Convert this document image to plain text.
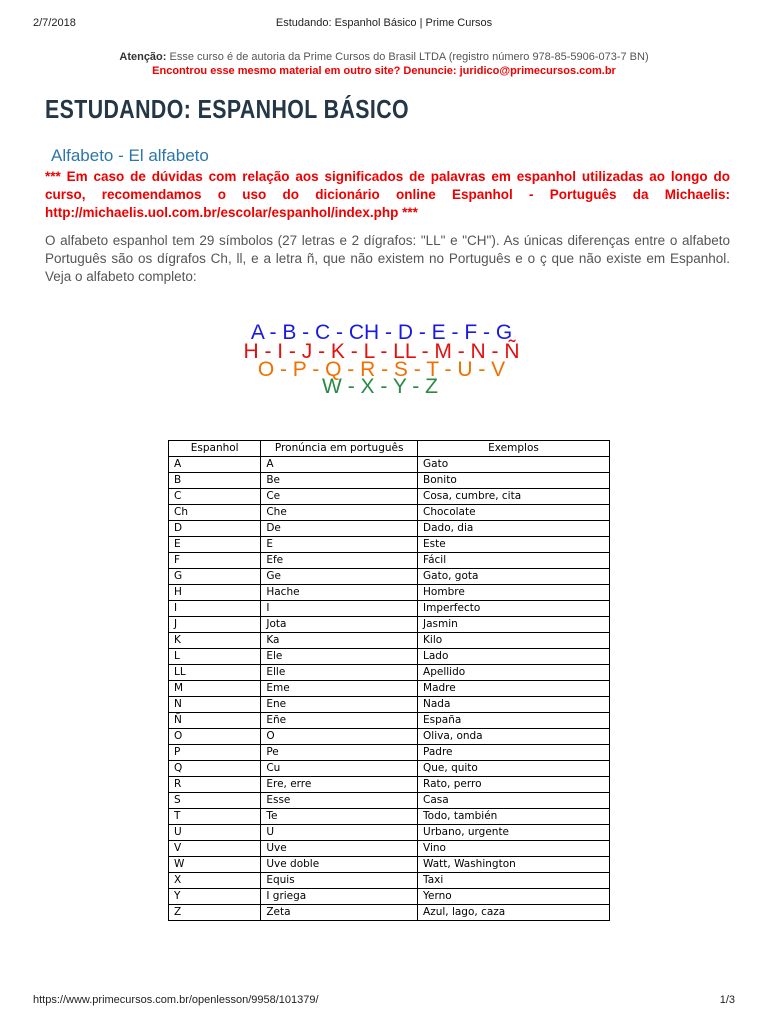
2/7/2018	Estudando: Espanhol Básico | Prime Cursos
Atenção: Esse curso é de autoria da Prime Cursos do Brasil LTDA (registro número 978-85-5906-073-7 BN)
Encontrou esse mesmo material em outro site? Denuncie: juridico@primecursos.com.br
ESTUDANDO: ESPANHOL BÁSICO
Alfabeto - El alfabeto
*** Em caso de dúvidas com relação aos significados de palavras em espanhol utilizadas ao longo do curso, recomendamos o uso do dicionário online Espanhol - Português da Michaelis: http://michaelis.uol.com.br/escolar/espanhol/index.php ***
O alfabeto espanhol tem 29 símbolos (27 letras e 2 dígrafos: "LL" e "CH"). As únicas diferenças entre o alfabeto Português são os dígrafos Ch, ll, e a letra ñ, que não existem no Português e o ç que não existe em Espanhol. Veja o alfabeto completo:
A - B - C - CH - D - E - F - G
H - I - J - K - L - LL - M - N - Ñ
O - P - Q - R - S - T - U - V
W - X - Y - Z
Espanhol	Pronúncia em português	Exemplos
A	A	Gato
B	Be	Bonito
C	Ce	Cosa, cumbre, cita
Ch	Che	Chocolate
D	De	Dado, dia
E	E	Este
F	Efe	Fácil
G	Ge	Gato, gota
H	Hache	Hombre
I	I	Imperfecto
J	Jota	Jasmin
K	Ka	Kilo
L	Ele	Lado
LL	Elle	Apellido
M	Eme	Madre
N	Ene	Nada
Ñ	Eñe	España
O	O	Oliva, onda
P	Pe	Padre
Q	Cu	Que, quito
R	Ere, erre	Rato, perro
S	Esse	Casa
T	Te	Todo, también
U	U	Urbano, urgente
V	Uve	Vino
W	Uve doble	Watt, Washington
X	Equis	Taxi
Y	I griega	Yerno
Z	Zeta	Azul, lago, caza
https://www.primecursos.com.br/openlesson/9958/101379/	1/3
